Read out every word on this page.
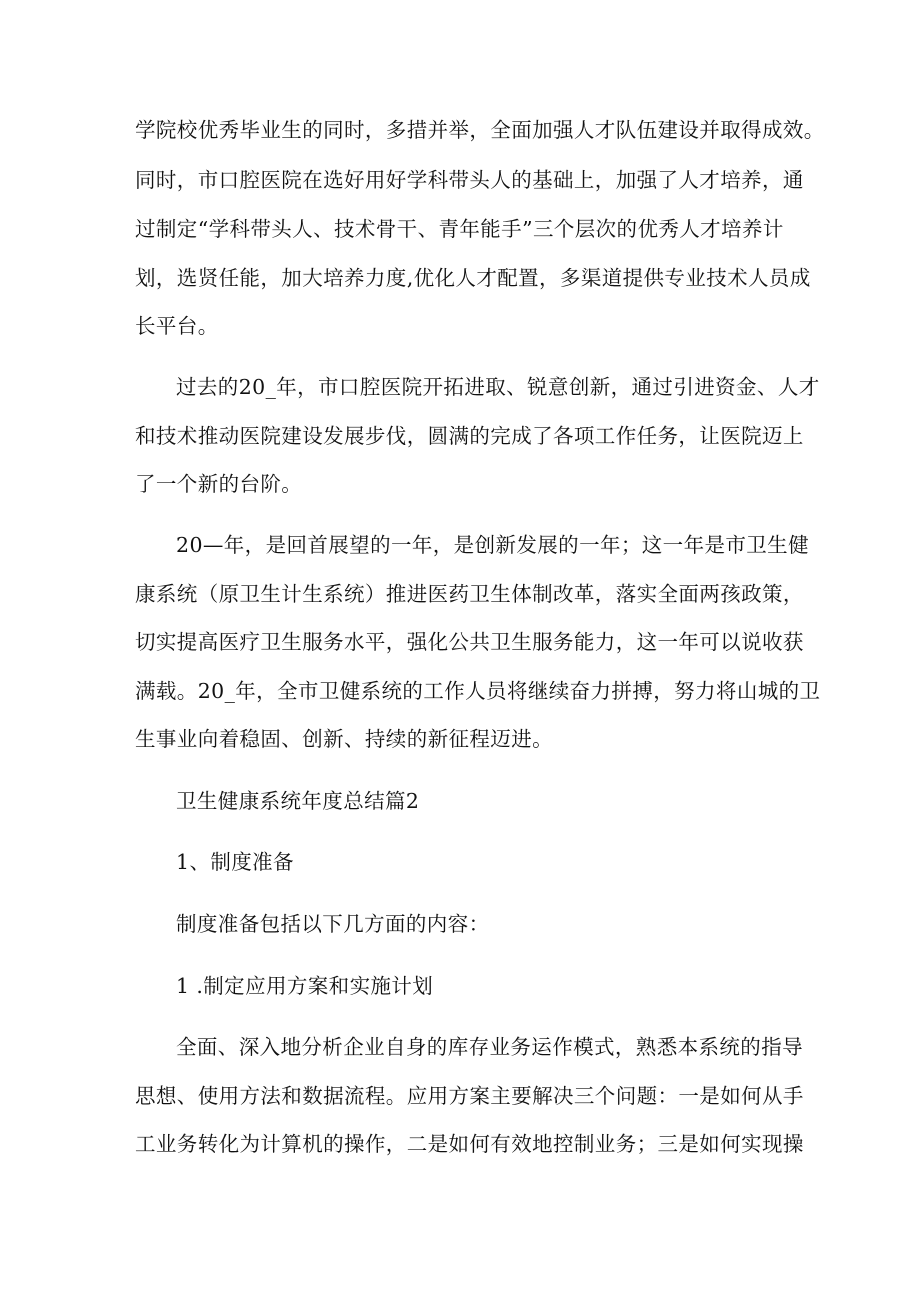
学院校优秀毕业生的同时，多措并举，全面加强人才队伍建设并取得成效。
同时，市口腔医院在选好用好学科带头人的基础上，加强了人才培养，通
过制定“学科带头人、技术骨干、青年能手”三个层次的优秀人才培养计
划，选贤任能，加大培养力度,优化人才配置，多渠道提供专业技术人员成
长平台。
过去的20_年，市口腔医院开拓进取、锐意创新，通过引进资金、人才
和技术推动医院建设发展步伐，圆满的完成了各项工作任务，让医院迈上
了一个新的台阶。
20—年，是回首展望的一年，是创新发展的一年；这一年是市卫生健
康系统（原卫生计生系统）推进医药卫生体制改革，落实全面两孩政策，
切实提高医疗卫生服务水平，强化公共卫生服务能力，这一年可以说收获
满载。20_年，全市卫健系统的工作人员将继续奋力拼搏，努力将山城的卫
生事业向着稳固、创新、持续的新征程迈进。
卫生健康系统年度总结篇2
1、制度准备
制度准备包括以下几方面的内容：
1 .制定应用方案和实施计划
全面、深入地分析企业自身的库存业务运作模式，熟悉本系统的指导
思想、使用方法和数据流程。应用方案主要解决三个问题：一是如何从手
工业务转化为计算机的操作，二是如何有效地控制业务；三是如何实现操
